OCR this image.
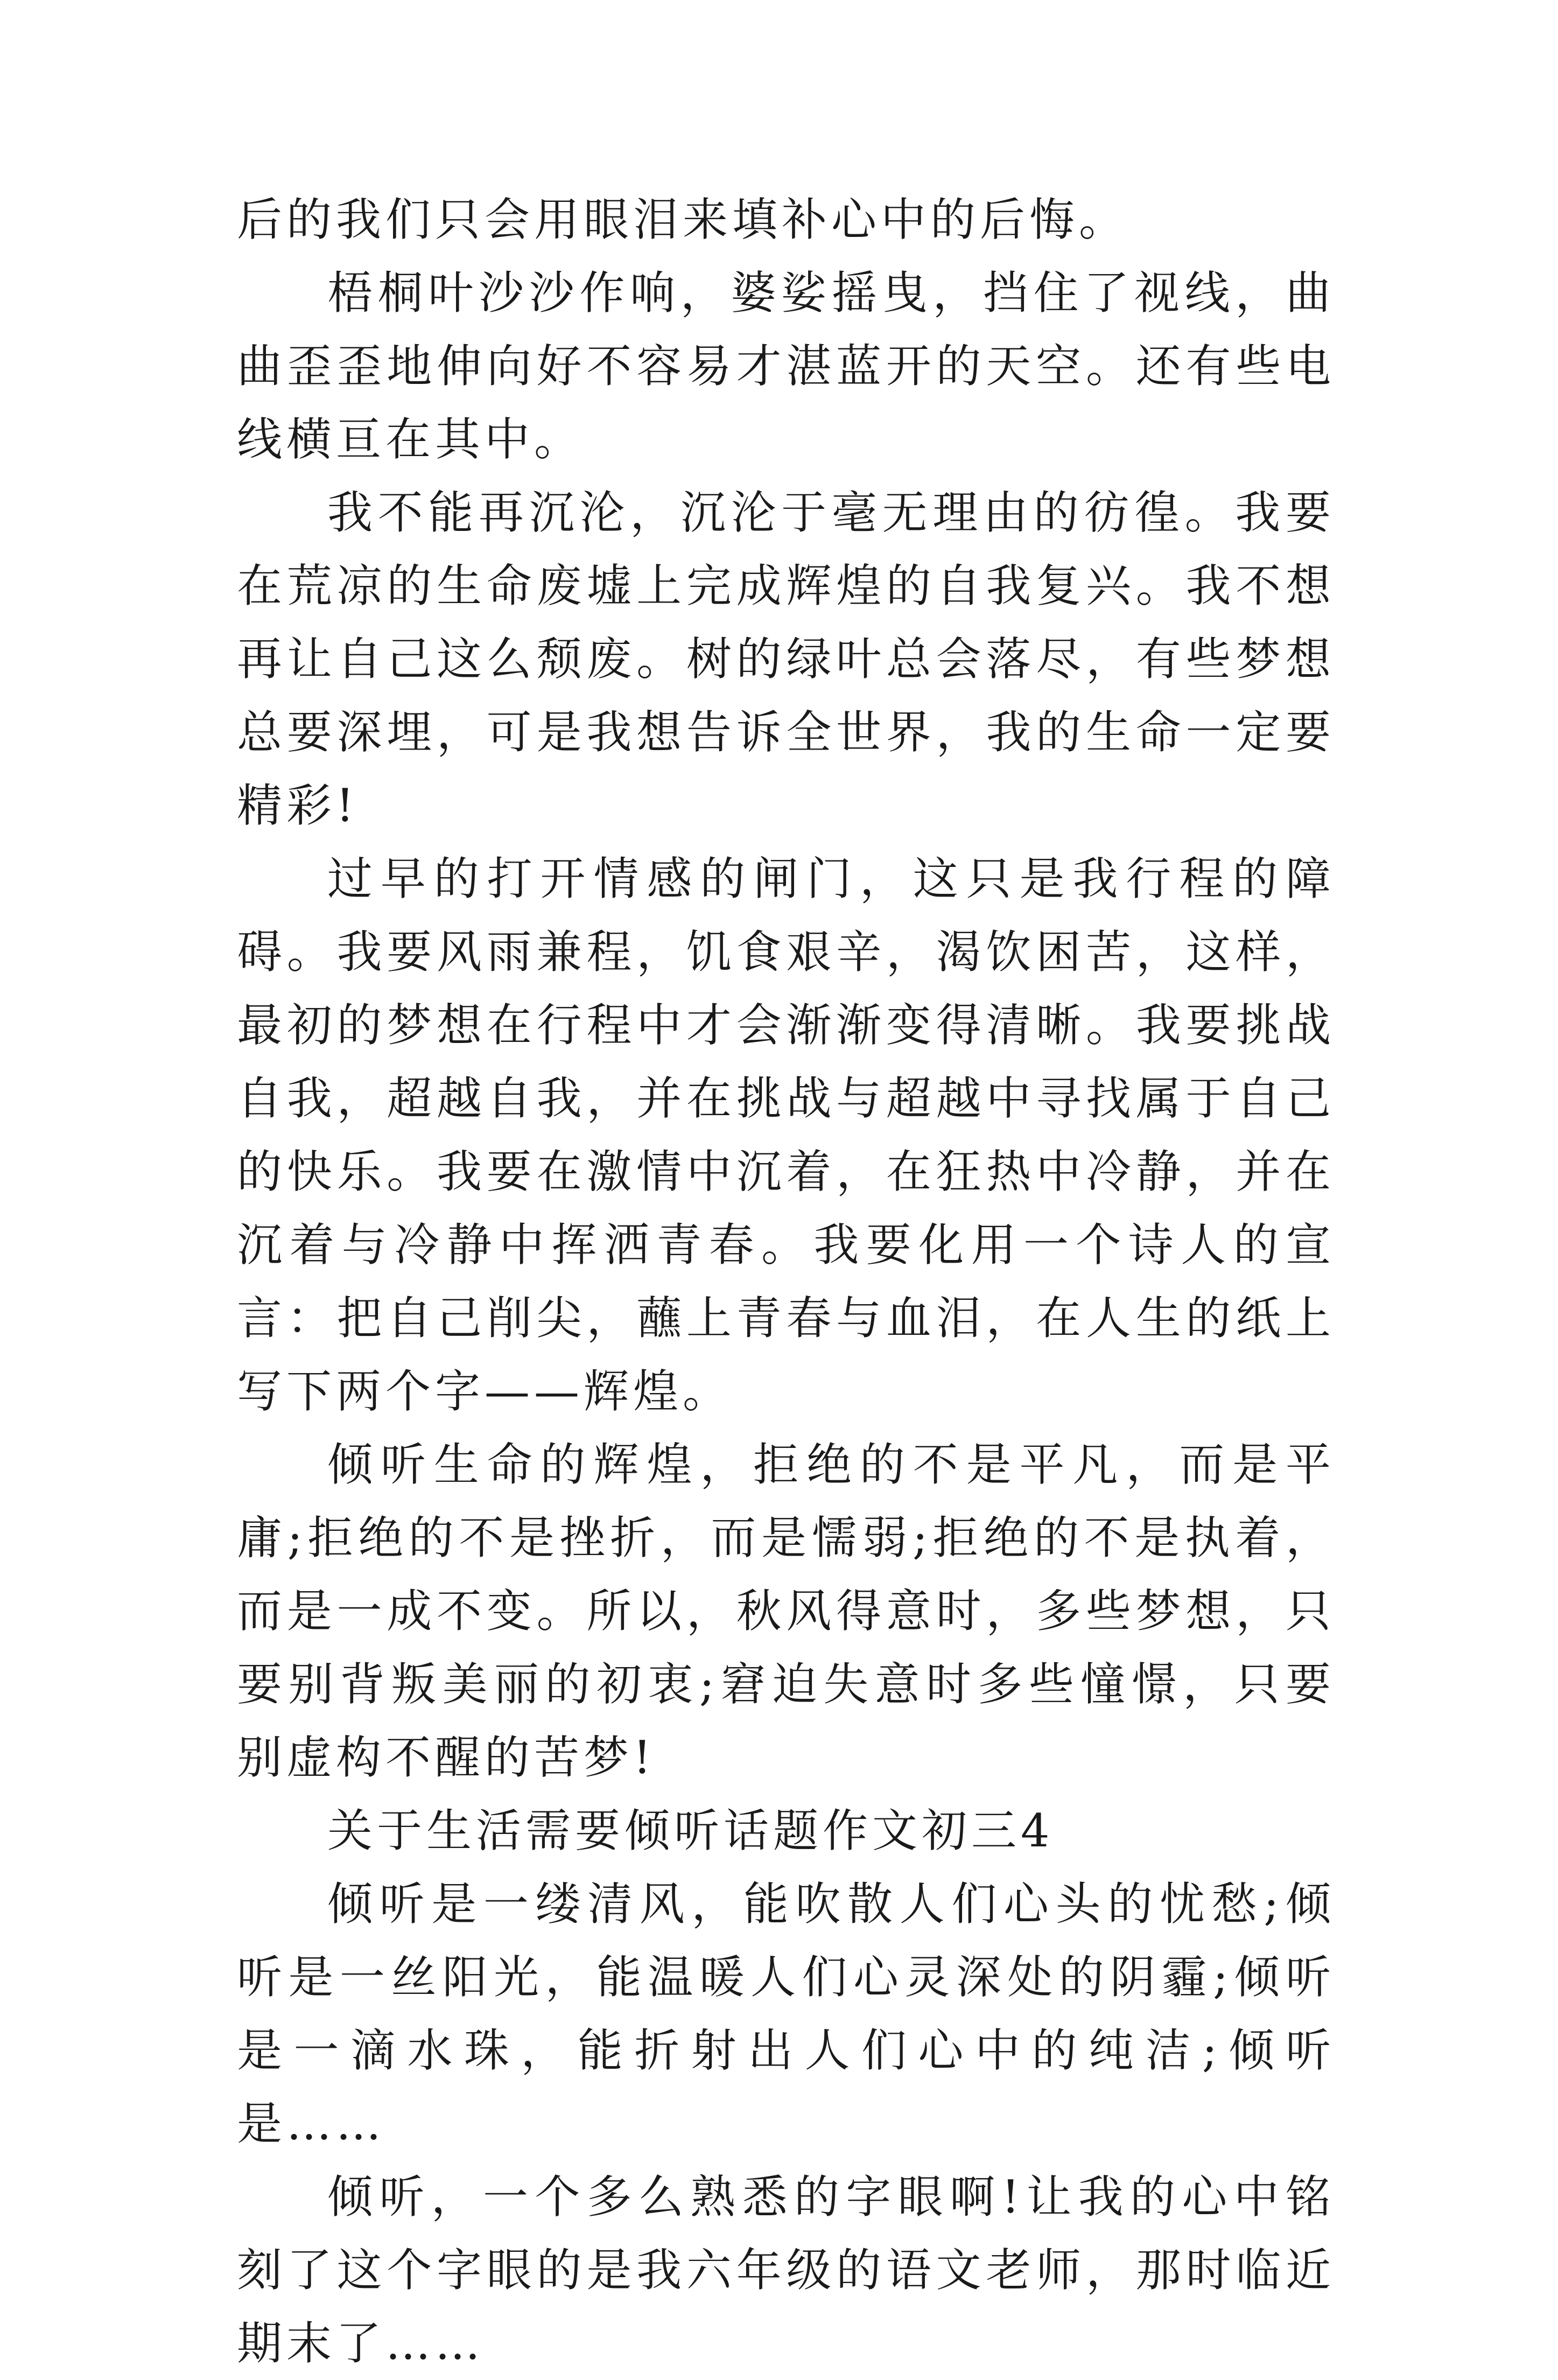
后的我们只会用眼泪来填补心中的后悔。

梧桐叶沙沙作响，婆娑摇曳，挡住了视线，曲曲歪歪地伸向好不容易才湛蓝开的天空。还有些电线横亘在其中。

我不能再沉沦，沉沦于毫无理由的彷徨。我要在荒凉的生命废墟上完成辉煌的自我复兴。我不想再让自己这么颓废。树的绿叶总会落尽，有些梦想总要深埋，可是我想告诉全世界，我的生命一定要精彩!

过早的打开情感的闸门，这只是我行程的障碍。我要风雨兼程，饥食艰辛，渴饮困苦，这样，最初的梦想在行程中才会渐渐变得清晰。我要挑战自我，超越自我，并在挑战与超越中寻找属于自己的快乐。我要在激情中沉着，在狂热中冷静，并在沉着与冷静中挥洒青春。我要化用一个诗人的宣言：把自己削尖，蘸上青春与血泪，在人生的纸上写下两个字——辉煌。

倾听生命的辉煌，拒绝的不是平凡，而是平庸;拒绝的不是挫折，而是懦弱;拒绝的不是执着，而是一成不变。所以，秋风得意时，多些梦想，只要别背叛美丽的初衷;窘迫失意时多些憧憬，只要别虚构不醒的苦梦!

关于生活需要倾听话题作文初三4

倾听是一缕清风，能吹散人们心头的忧愁;倾听是一丝阳光，能温暖人们心灵深处的阴霾;倾听是一滴水珠，能折射出人们心中的纯洁;倾听是……

倾听，一个多么熟悉的字眼啊!让我的心中铭刻了这个字眼的是我六年级的语文老师，那时临近期末了……
